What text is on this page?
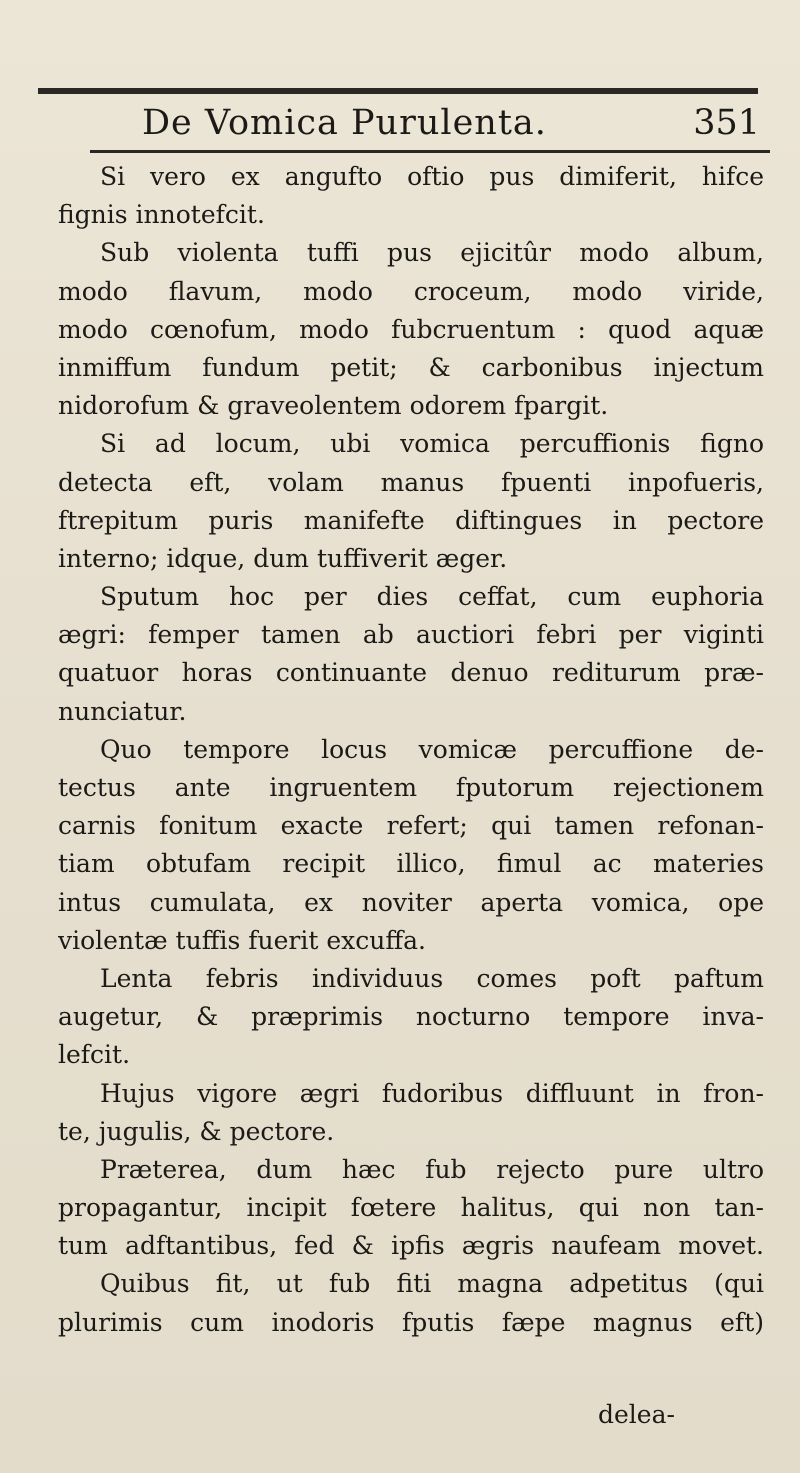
De Vomica Purulenta.	351
Si vero ex angufto oftio pus dimiferit, hifce
fignis innotefcit.
Sub violenta tuffi pus ejicitûr modo album,
modo flavum, modo croceum, modo viride,
modo cœnofum, modo fubcruentum : quod aquæ
inmiffum fundum petit; & carbonibus injectum
nidorofum & graveolentem odorem fpargit.
Si ad locum, ubi vomica percuffionis figno
detecta eft, volam manus fpuenti inpofueris,
ftrepitum puris manifefte diftingues in pectore
interno; idque, dum tuffiverit æger.
Sputum hoc per dies ceffat, cum euphoria
ægri: femper tamen ab auctiori febri per viginti
quatuor horas continuante denuo rediturum præ-
nunciatur.
Quo tempore locus vomicæ percuffione de-
tectus ante ingruentem fputorum rejectionem
carnis fonitum exacte refert; qui tamen refonan-
tiam obtufam recipit illico, fimul ac materies
intus cumulata, ex noviter aperta vomica, ope
violentæ tuffis fuerit excuffa.
Lenta febris individuus comes poft paftum
augetur, & præprimis nocturno tempore inva-
lefcit.
Hujus vigore ægri fudoribus diffluunt in fron-
te, jugulis, & pectore.
Præterea, dum hæc fub rejecto pure ultro
propagantur, incipit fœtere halitus, qui non tan-
tum adftantibus, fed & ipfis ægris naufeam movet.
Quibus fit, ut fub fiti magna adpetitus (qui
plurimis cum inodoris fputis fæpe magnus eft)
delea-
